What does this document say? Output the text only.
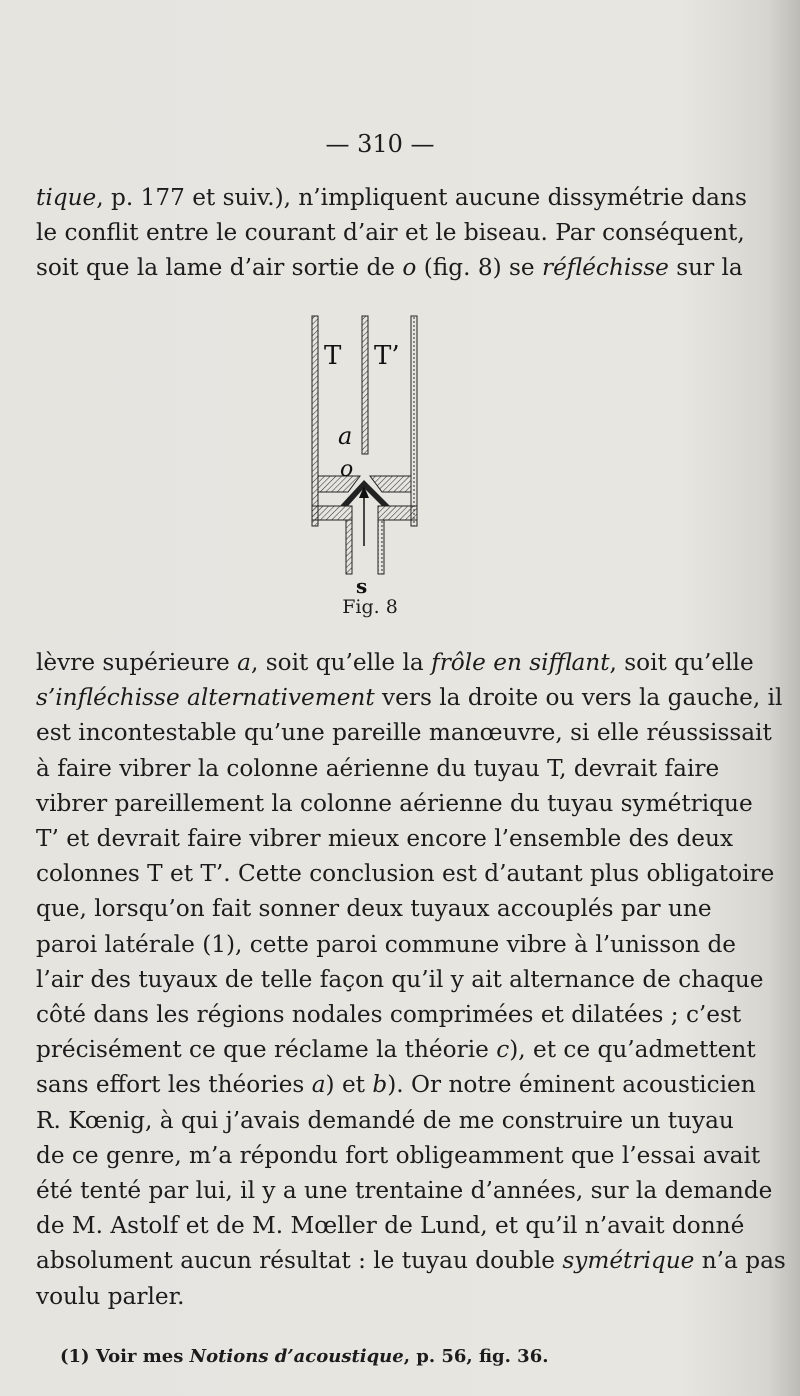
— 310 —
tique, p. 177 et suiv.), n’impliquent aucune dissymétrie dans
le conflit entre le courant d’air et le biseau. Par conséquent,
soit que la lame d’air sortie de o (fig. 8) se réfléchisse sur la
T T’
a
o
s
Fig. 8
lèvre supérieure a, soit qu’elle la frôle en sifflant, soit qu’elle
s’infléchisse alternativement vers la droite ou vers la gauche, il
est incontestable qu’une pareille manœuvre, si elle réussissait
à faire vibrer la colonne aérienne du tuyau T, devrait faire
vibrer pareillement la colonne aérienne du tuyau symétrique
T’ et devrait faire vibrer mieux encore l’ensemble des deux
colonnes T et T’. Cette conclusion est d’autant plus obligatoire
que, lorsqu’on fait sonner deux tuyaux accouplés par une
paroi latérale (1), cette paroi commune vibre à l’unisson de
l’air des tuyaux de telle façon qu’il y ait alternance de chaque
côté dans les régions nodales comprimées et dilatées ; c’est
précisément ce que réclame la théorie c), et ce qu’admettent
sans effort les théories a) et b). Or notre éminent acousticien
R. Kœnig, à qui j’avais demandé de me construire un tuyau
de ce genre, m’a répondu fort obligeamment que l’essai avait
été tenté par lui, il y a une trentaine d’années, sur la demande
de M. Astolf et de M. Mœller de Lund, et qu’il n’avait donné
absolument aucun résultat : le tuyau double symétrique n’a pas
voulu parler.
(1) Voir mes Notions d’acoustique, p. 56, fig. 36.
